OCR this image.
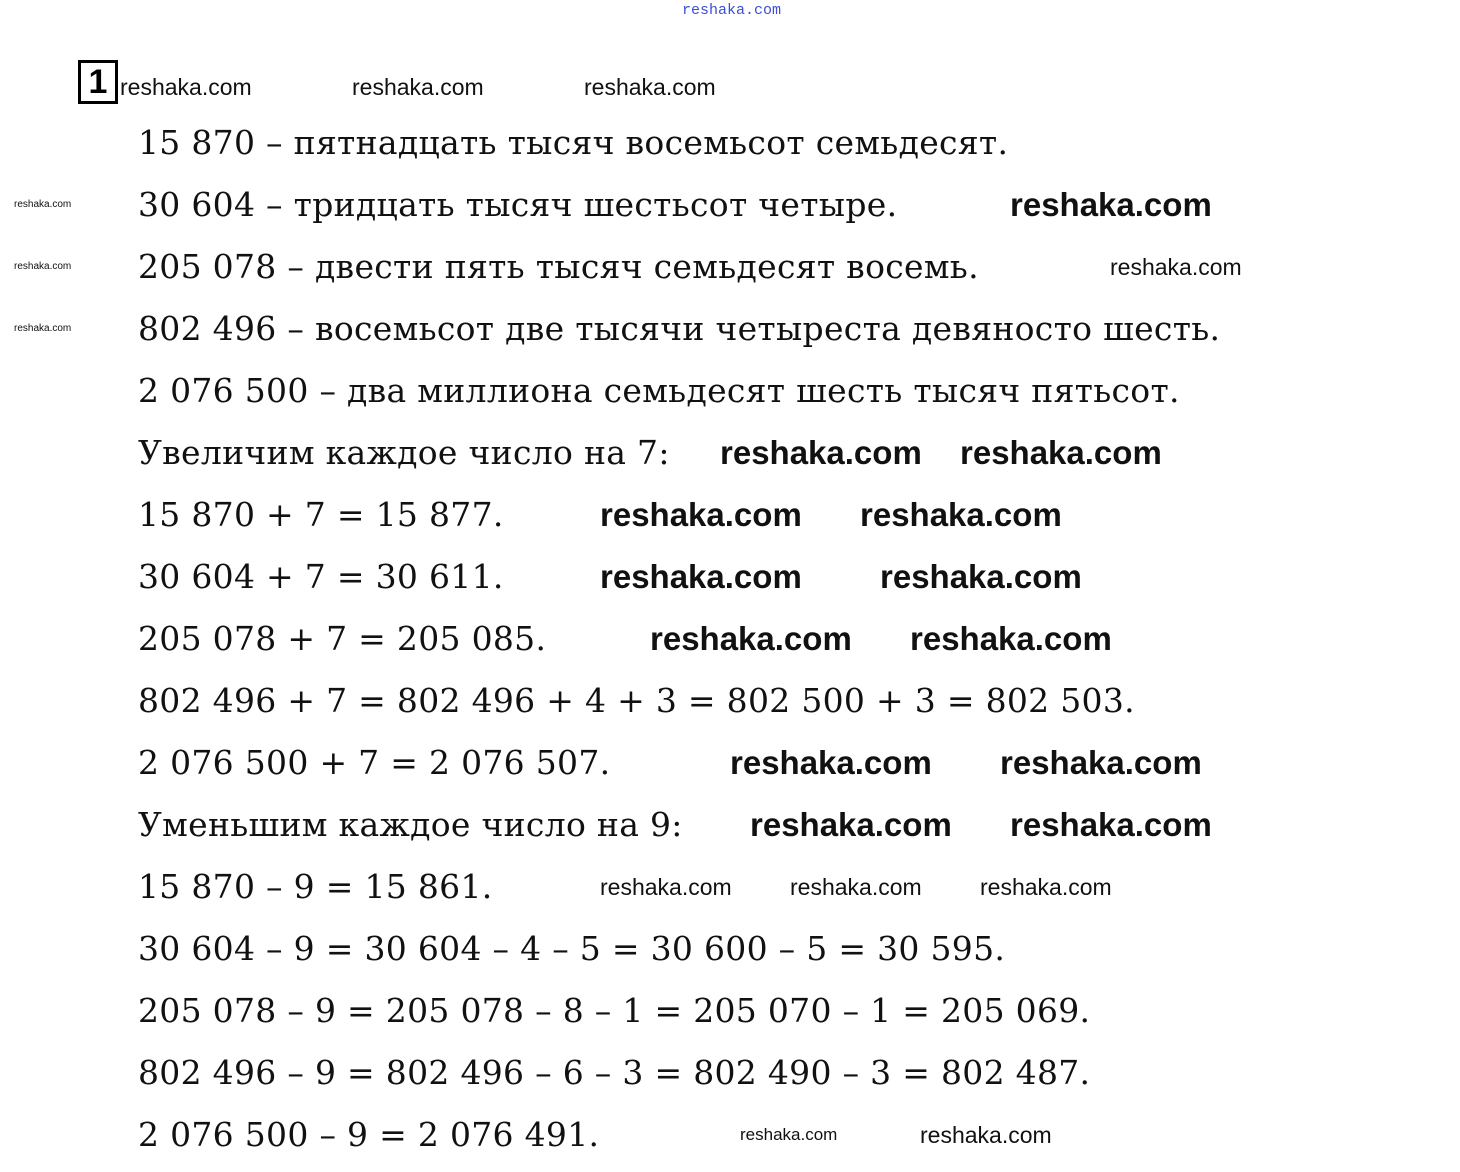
reshaka.com
1
15 870 – пятнадцать тысяч восемьсот семьдесят.
30 604 – тридцать тысяч шестьсот четыре.
205 078 – двести пять тысяч семьдесят восемь.
802 496 – восемьсот две тысячи четыреста девяносто шесть.
2 076 500 – два миллиона семьдесят шесть тысяч пятьсот.
Увеличим каждое число на 7:
15 870 + 7 = 15 877.
30 604 + 7 = 30 611.
205 078 + 7 = 205 085.
802 496 + 7 = 802 496 + 4 + 3 = 802 500 + 3 = 802 503.
2 076 500 + 7 = 2 076 507.
Уменьшим каждое число на 9:
15 870 – 9 = 15 861.
30 604 – 9 = 30 604 – 4 – 5 = 30 600 – 5 = 30 595.
205 078 – 9 = 205 078 – 8 – 1 = 205 070 – 1 = 205 069.
802 496 – 9 = 802 496 – 6 – 3 = 802 490 – 3 = 802 487.
2 076 500 – 9 = 2 076 491.
reshaka.com	reshaka.com	reshaka.com
reshaka.com
reshaka.com
reshaka.com
reshaka.com
reshaka.com
reshaka.com reshaka.com
reshaka.com reshaka.com
reshaka.com reshaka.com
reshaka.com reshaka.com
reshaka.com reshaka.com
reshaka.com reshaka.com
reshaka.com	reshaka.com	reshaka.com
reshaka.com	reshaka.com
